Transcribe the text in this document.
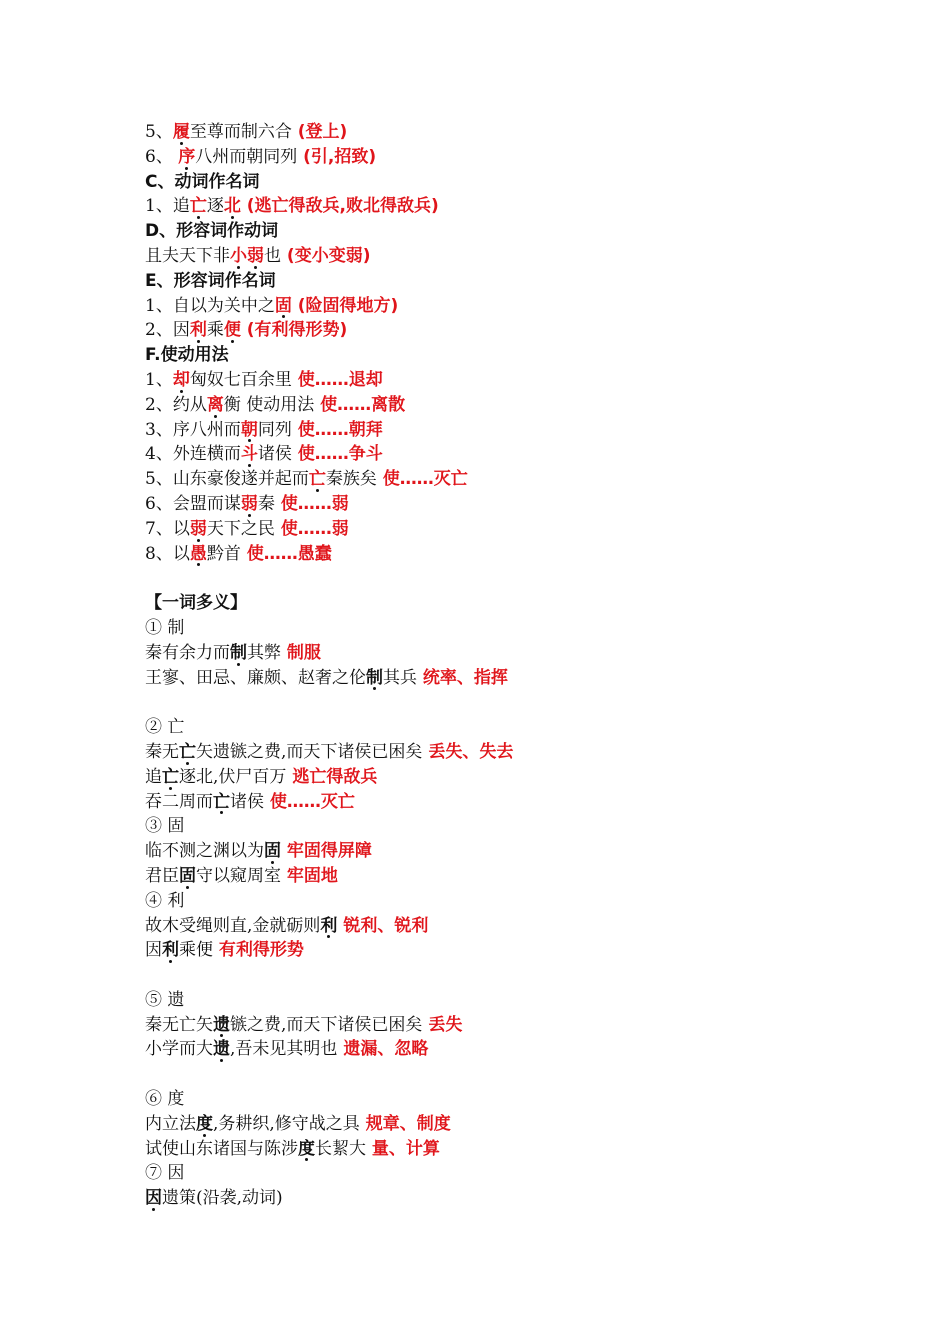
5、履至尊而制六合 (登上)
6、 序八州而朝同列 (引,招致)
C、动词作名词
1、追亡逐北 (逃亡得敌兵,败北得敌兵)
D、形容词作动词
且夫天下非小弱也 (变小变弱)
E、形容词作名词
1、自以为关中之固 (险固得地方)
2、因利乘便 (有利得形势)
F.使动用法
1、却匈奴七百余里 使……退却
2、约从离衡 使动用法 使……离散
3、序八州而朝同列 使……朝拜
4、外连横而斗诸侯 使……争斗
5、山东豪俊遂并起而亡秦族矣 使……灭亡
6、会盟而谋弱秦 使……弱
7、以弱天下之民 使……弱
8、以愚黔首 使……愚蠢
【一词多义】
① 制
秦有余力而制其弊 制服
王寥、田忌、廉颇、赵奢之伦制其兵 统率、指挥
② 亡
秦无亡矢遗镞之费,而天下诸侯已困矣 丢失、失去
追亡逐北,伏尸百万 逃亡得敌兵
吞二周而亡诸侯 使……灭亡
③ 固
临不测之渊以为固 牢固得屏障
君臣固守以窥周室 牢固地
④ 利
故木受绳则直,金就砺则利 锐利、锐利
因利乘便 有利得形势
⑤ 遗
秦无亡矢遗镞之费,而天下诸侯已困矣 丢失
小学而大遗,吾未见其明也 遗漏、忽略
⑥ 度
内立法度,务耕织,修守战之具 规章、制度
试使山东诸国与陈涉度长絜大 量、计算
⑦ 因
因遗策(沿袭,动词)
